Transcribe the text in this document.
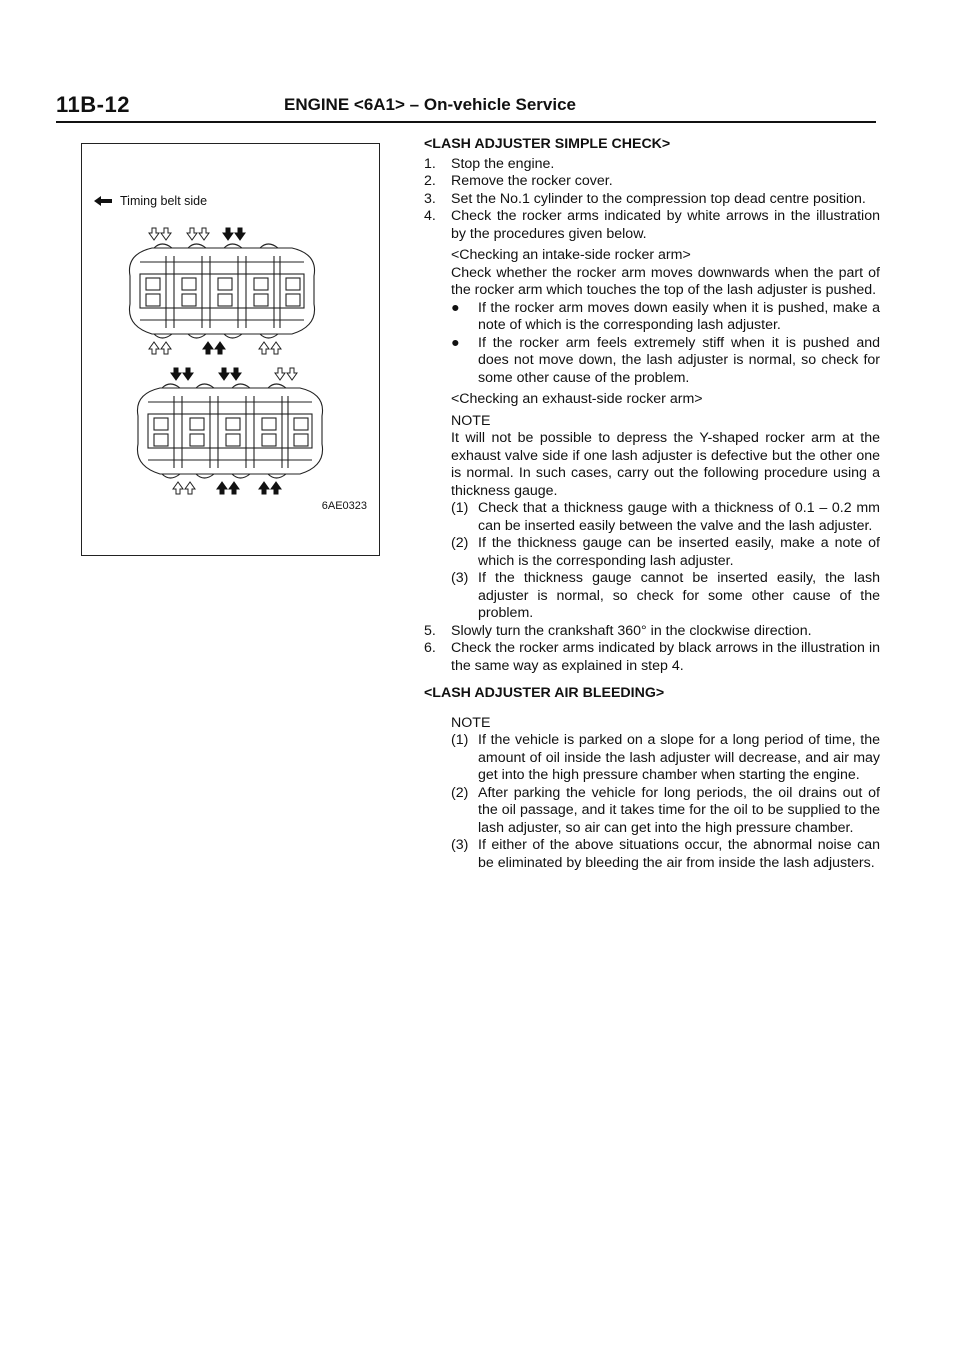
11B-12	ENGINE <6A1> – On-vehicle Service
Timing belt side
6AE0323

<LASH ADJUSTER SIMPLE CHECK>

1.	Stop the engine.
2.	Remove the rocker cover.
3.	Set the No.1 cylinder to the compression top dead centre position.
4.	Check the rocker arms indicated by white arrows in the illustration by the procedures given below.

<Checking an intake-side rocker arm>

Check whether the rocker arm moves downwards when the part of the rocker arm which touches the top of the lash adjuster is pushed.

●	If the rocker arm moves down easily when it is pushed, make a note of which is the corresponding lash adjuster.
●	If the rocker arm feels extremely stiff when it is pushed and does not move down, the lash adjuster is normal, so check for some other cause of the problem.

<Checking an exhaust-side rocker arm>

NOTE

It will not be possible to depress the Y-shaped rocker arm at the exhaust valve side if one lash adjuster is defective but the other one is normal. In such cases, carry out the following procedure using a thickness gauge.

(1) Check that a thickness gauge with a thickness of 0.1 – 0.2 mm can be inserted easily between the valve and the lash adjuster.
(2) If the thickness gauge can be inserted easily, make a note of which is the corresponding lash adjuster.
(3) If the thickness gauge cannot be inserted easily, the lash adjuster is normal, so check for some other cause of the problem.
5.	Slowly turn the crankshaft 360° in the clockwise direction.
6.	Check the rocker arms indicated by black arrows in the illustration in the same way as explained in step 4.

<LASH ADJUSTER AIR BLEEDING>

NOTE

(1) If the vehicle is parked on a slope for a long period of time, the amount of oil inside the lash adjuster will decrease, and air may get into the high pressure chamber when starting the engine.
(2) After parking the vehicle for long periods, the oil drains out of the oil passage, and it takes time for the oil to be supplied to the lash adjuster, so air can get into the high pressure chamber.
(3) If either of the above situations occur, the abnormal noise can be eliminated by bleeding the air from inside the lash adjusters.
